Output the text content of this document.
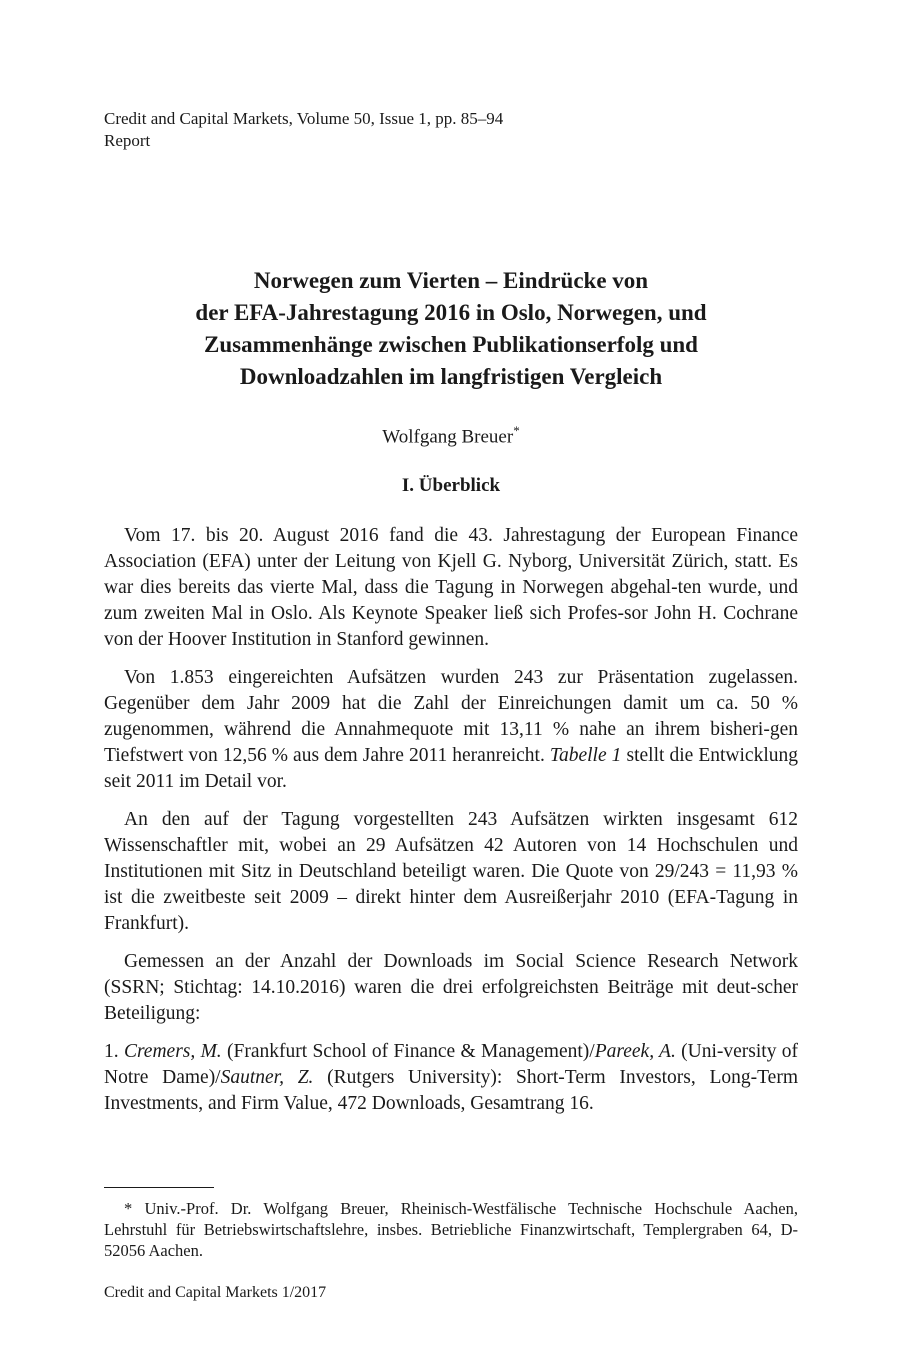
Credit and Capital Markets, Volume 50, Issue 1, pp. 85–94
Report
Norwegen zum Vierten – Eindrücke von
der EFA-Jahrestagung 2016 in Oslo, Norwegen, und
Zusammenhänge zwischen Publikationserfolg und
Downloadzahlen im langfristigen Vergleich
Wolfgang Breuer*
I. Überblick

Vom 17. bis 20. August 2016 fand die 43. Jahrestagung der European Finance Association (EFA) unter der Leitung von Kjell G. Nyborg, Universität Zürich, statt. Es war dies bereits das vierte Mal, dass die Tagung in Norwegen abgehal-ten wurde, und zum zweiten Mal in Oslo. Als Keynote Speaker ließ sich Profes-sor John H. Cochrane von der Hoover Institution in Stanford gewinnen.

Von 1.853 eingereichten Aufsätzen wurden 243 zur Präsentation zugelassen. Gegenüber dem Jahr 2009 hat die Zahl der Einreichungen damit um ca. 50 % zugenommen, während die Annahmequote mit 13,11 % nahe an ihrem bisheri-gen Tiefstwert von 12,56 % aus dem Jahre 2011 heranreicht. Tabelle 1 stellt die Entwicklung seit 2011 im Detail vor.

An den auf der Tagung vorgestellten 243 Aufsätzen wirkten insgesamt 612 Wissenschaftler mit, wobei an 29 Aufsätzen 42 Autoren von 14 Hochschulen und Institutionen mit Sitz in Deutschland beteiligt waren. Die Quote von 29/243 = 11,93 % ist die zweitbeste seit 2009 – direkt hinter dem Ausreißerjahr 2010 (EFA-Tagung in Frankfurt).

Gemessen an der Anzahl der Downloads im Social Science Research Network (SSRN; Stichtag: 14.10.2016) waren die drei erfolgreichsten Beiträge mit deut-scher Beteiligung:

1. Cremers, M. (Frankfurt School of Finance & Management)/Pareek, A. (Uni-versity of Notre Dame)/Sautner, Z. (Rutgers University): Short-Term Investors, Long-Term Investments, and Firm Value, 472 Downloads, Gesamtrang 16.

* Univ.-Prof. Dr. Wolfgang Breuer, Rheinisch-Westfälische Technische Hochschule Aachen, Lehrstuhl für Betriebswirtschaftslehre, insbes. Betriebliche Finanzwirtschaft, Templergraben 64, D-52056 Aachen.
Credit and Capital Markets 1/2017
